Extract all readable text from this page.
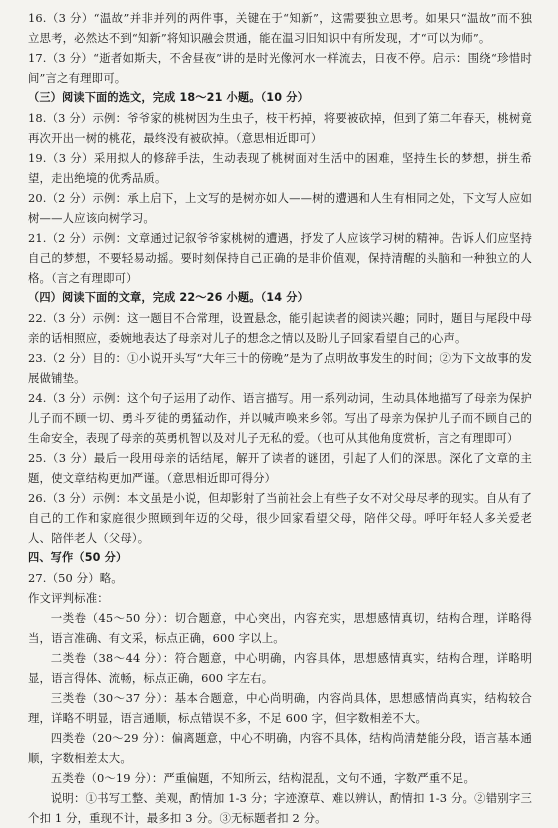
16.（3 分）“温故”并非并列的两件事，关键在于“知新”，这需要独立思考。如果只“温故”而不独立思考，必然达不到“知新”将知识融会贯通，能在温习旧知识中有所发现，才“可以为师”。

17.（3 分）“逝者如斯夫，不舍昼夜”讲的是时光像河水一样流去，日夜不停。启示：围绕“珍惜时间”言之有理即可。

（三）阅读下面的选文，完成 18～21 小题。（10 分）

18.（3 分）示例：爷爷家的桃树因为生虫子，枝干朽掉，将要被砍掉，但到了第二年春天，桃树竟再次开出一树的桃花，最终没有被砍掉。（意思相近即可）

19.（3 分）采用拟人的修辞手法，生动表现了桃树面对生活中的困难，坚持生长的梦想，拼生希望，走出绝境的优秀品质。

20.（2 分）示例：承上启下，上文写的是树亦如人——树的遭遇和人生有相同之处，下文写人应如树——人应该向树学习。

21.（2 分）示例：文章通过记叙爷爷家桃树的遭遇，抒发了人应该学习树的精神。告诉人们应坚持自己的梦想，不要轻易动摇。要时刻保持自己正确的是非价值观，保持清醒的头脑和一种独立的人格。（言之有理即可）

（四）阅读下面的文章，完成 22～26 小题。（14 分）

22.（3 分）示例：这一题目不合常理，设置悬念，能引起读者的阅读兴趣；同时，题目与尾段中母亲的话相照应，委婉地表达了母亲对儿子的想念之情以及盼儿子回家看望自己的心声。

23.（2 分）目的：①小说开头写“大年三十的傍晚”是为了点明故事发生的时间；②为下文故事的发展做铺垫。

24.（3 分）示例：这个句子运用了动作、语言描写。用一系列动词，生动具体地描写了母亲为保护儿子而不顾一切、勇斗歹徒的勇猛动作，并以喊声唤来乡邻。写出了母亲为保护儿子而不顾自己的生命安全，表现了母亲的英勇机智以及对儿子无私的爱。（也可从其他角度赏析，言之有理即可）

25.（3 分）最后一段用母亲的话结尾，解开了读者的谜团，引起了人们的深思。深化了文章的主题，使文章结构更加严谨。（意思相近即可得分）

26.（3 分）示例：本文虽是小说，但却影射了当前社会上有些子女不对父母尽孝的现实。自从有了自己的工作和家庭很少照顾到年迈的父母，很少回家看望父母，陪伴父母。呼吁年轻人多关爱老人、陪伴老人（父母）。

四、写作（50 分）

27.（50 分）略。

作文评判标准：

一类卷（45～50 分）：切合题意，中心突出，内容充实，思想感情真切，结构合理，详略得当，语言准确、有文采，标点正确，600 字以上。

二类卷（38～44 分）：符合题意，中心明确，内容具体，思想感情真实，结构合理，详略明显，语言得体、流畅，标点正确，600 字左右。

三类卷（30～37 分）：基本合题意，中心尚明确，内容尚具体，思想感情尚真实，结构较合理，详略不明显，语言通顺，标点错误不多，不足 600 字，但字数相差不大。

四类卷（20～29 分）：偏离题意，中心不明确，内容不具体，结构尚清楚能分段，语言基本通顺，字数相差太大。

五类卷（0～19 分）：严重偏题，不知所云，结构混乱，文句不通，字数严重不足。

说明：①书写工整、美观，酌情加 1-3 分；字迹潦草、难以辨认，酌情扣 1-3 分。②错别字三个扣 1 分，重现不计，最多扣 3 分。③无标题者扣 2 分。
